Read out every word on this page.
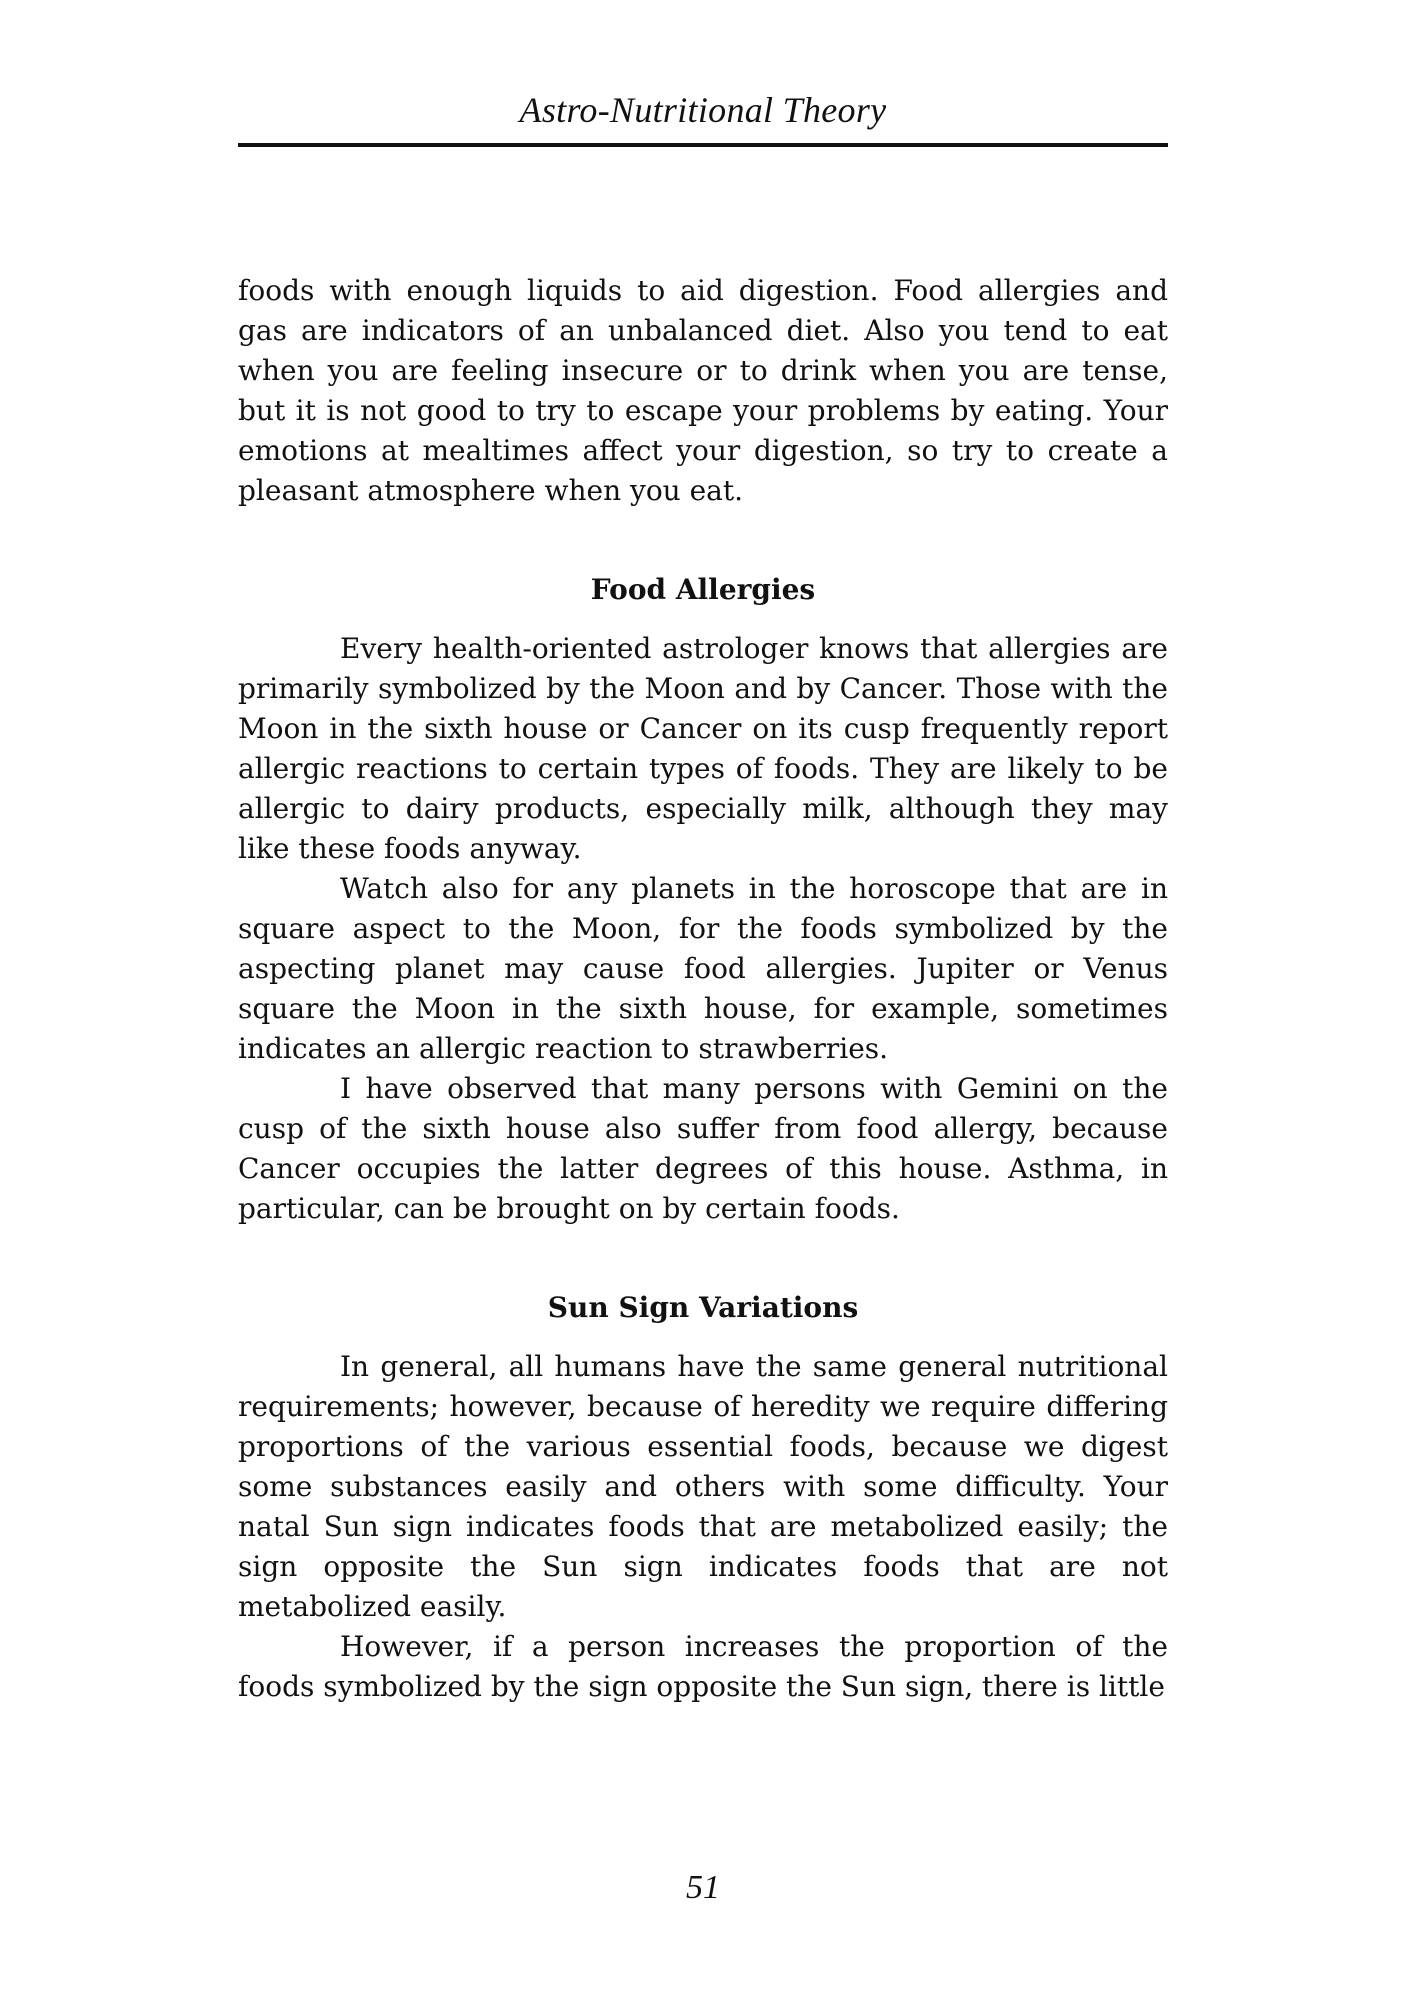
Astro-Nutritional Theory

foods with enough liquids to aid digestion. Food allergies and gas are indicators of an unbalanced diet. Also you tend to eat when you are feeling insecure or to drink when you are tense, but it is not good to try to escape your problems by eating. Your emotions at mealtimes affect your digestion, so try to create a pleasant atmosphere when you eat.

Food Allergies

Every health-oriented astrologer knows that allergies are primarily symbolized by the Moon and by Cancer. Those with the Moon in the sixth house or Cancer on its cusp frequently report allergic reactions to certain types of foods. They are likely to be allergic to dairy products, especially milk, although they may like these foods anyway.

Watch also for any planets in the horoscope that are in square aspect to the Moon, for the foods symbolized by the aspecting planet may cause food allergies. Jupiter or Venus square the Moon in the sixth house, for example, sometimes indicates an allergic reaction to strawberries.

I have observed that many persons with Gemini on the cusp of the sixth house also suffer from food allergy, because Cancer occupies the latter degrees of this house. Asthma, in particular, can be brought on by certain foods.

Sun Sign Variations

In general, all humans have the same general nutritional requirements; however, because of heredity we require differing proportions of the various essential foods, because we digest some substances easily and others with some difficulty. Your natal Sun sign indicates foods that are metabolized easily; the sign opposite the Sun sign indicates foods that are not metabolized easily.

However, if a person increases the proportion of the foods symbolized by the sign opposite the Sun sign, there is little

51
